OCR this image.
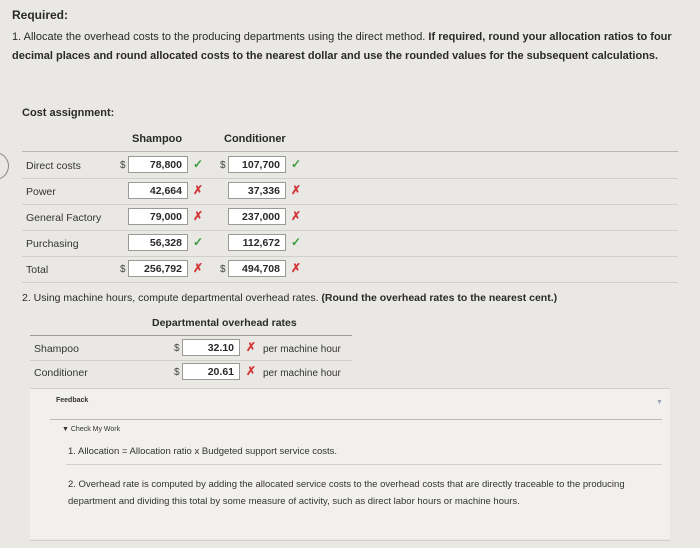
Required:
1. Allocate the overhead costs to the producing departments using the direct method. If required, round your allocation ratios to four decimal places and round allocated costs to the nearest dollar and use the rounded values for the subsequent calculations.
Cost assignment:
Shampoo	Conditioner
Direct costs	$	78,800 ✓ $	107,700 ✓
Power	42,664 ✗	37,336 ✗
General Factory	79,000 ✗	237,000 ✗
Purchasing	56,328 ✓	112,672 ✓
Total	$	256,792 ✗ $	494,708 ✗
2. Using machine hours, compute departmental overhead rates. (Round the overhead rates to the nearest cent.)
Departmental overhead rates
Shampoo	$	32.10	✗ per machine hour
Conditioner	$	20.61	✗ per machine hour
Feedback	▼
▼ Check My Work
1. Allocation = Allocation ratio x Budgeted support service costs.
2. Overhead rate is computed by adding the allocated service costs to the overhead costs that are directly traceable to the producing department and dividing this total by some measure of activity, such as direct labor hours or machine hours.
